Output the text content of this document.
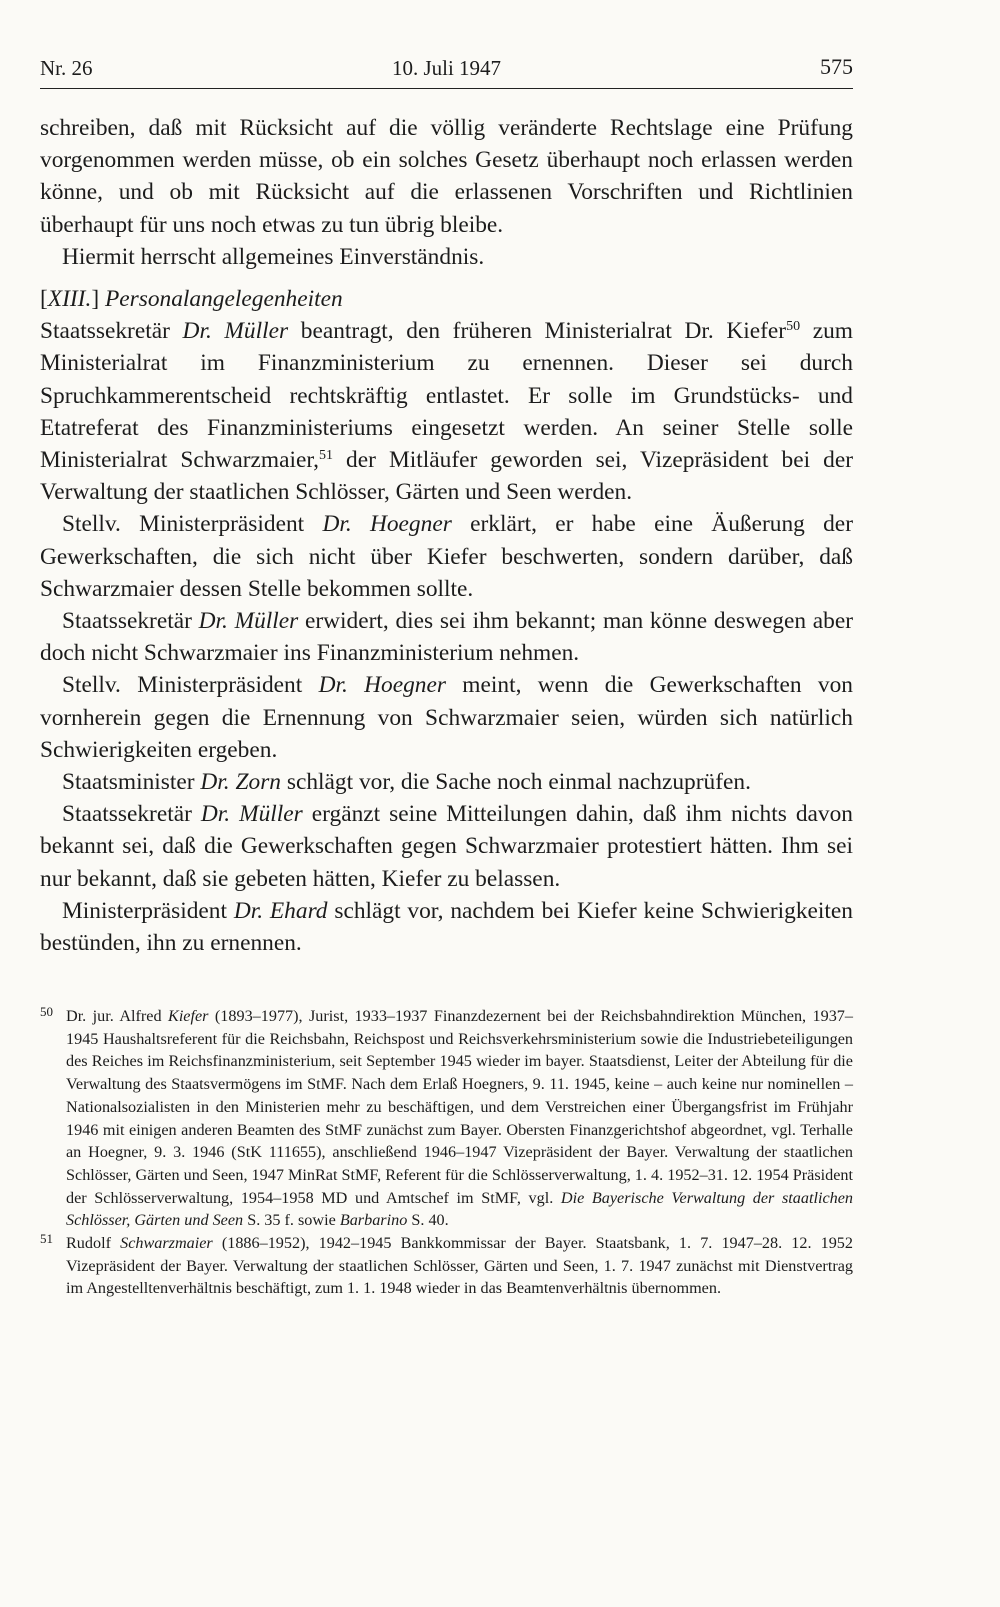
Nr. 26	10. Juli 1947	575

schreiben, daß mit Rücksicht auf die völlig veränderte Rechtslage eine Prüfung vorgenommen werden müsse, ob ein solches Gesetz überhaupt noch erlassen werden könne, und ob mit Rücksicht auf die erlassenen Vorschriften und Richtlinien überhaupt für uns noch etwas zu tun übrig bleibe.

Hiermit herrscht allgemeines Einverständnis.

[XIII.] Personalangelegenheiten

Staatssekretär Dr. Müller beantragt, den früheren Ministerialrat Dr. Kiefer$^{50}$ zum Ministerialrat im Finanzministerium zu ernennen. Dieser sei durch Spruchkammerentscheid rechtskräftig entlastet. Er solle im Grundstücks- und Etatreferat des Finanzministeriums eingesetzt werden. An seiner Stelle solle Ministerialrat Schwarzmaier,$^{51}$ der Mitläufer geworden sei, Vizepräsident bei der Verwaltung der staatlichen Schlösser, Gärten und Seen werden.

Stellv. Ministerpräsident Dr. Hoegner erklärt, er habe eine Äußerung der Gewerkschaften, die sich nicht über Kiefer beschwerten, sondern darüber, daß Schwarzmaier dessen Stelle bekommen sollte.

Staatssekretär Dr. Müller erwidert, dies sei ihm bekannt; man könne deswegen aber doch nicht Schwarzmaier ins Finanzministerium nehmen.

Stellv. Ministerpräsident Dr. Hoegner meint, wenn die Gewerkschaften von vornherein gegen die Ernennung von Schwarzmaier seien, würden sich natürlich Schwierigkeiten ergeben.

Staatsminister Dr. Zorn schlägt vor, die Sache noch einmal nachzuprüfen.

Staatssekretär Dr. Müller ergänzt seine Mitteilungen dahin, daß ihm nichts davon bekannt sei, daß die Gewerkschaften gegen Schwarzmaier protestiert hätten. Ihm sei nur bekannt, daß sie gebeten hätten, Kiefer zu belassen.

Ministerpräsident Dr. Ehard schlägt vor, nachdem bei Kiefer keine Schwierigkeiten bestünden, ihn zu ernennen.

50 Dr. jur. Alfred Kiefer (1893–1977), Jurist, 1933–1937 Finanzdezernent bei der Reichsbahndirektion München, 1937–1945 Haushaltsreferent für die Reichsbahn, Reichspost und Reichsverkehrsministerium sowie die Industriebeteiligungen des Reiches im Reichsfinanzministerium, seit September 1945 wieder im bayer. Staatsdienst, Leiter der Abteilung für die Verwaltung des Staatsvermögens im StMF. Nach dem Erlaß Hoegners, 9. 11. 1945, keine – auch keine nur nominellen – Nationalsozialisten in den Ministerien mehr zu beschäftigen, und dem Verstreichen einer Übergangsfrist im Frühjahr 1946 mit einigen anderen Beamten des StMF zunächst zum Bayer. Obersten Finanzgerichtshof abgeordnet, vgl. Terhalle an Hoegner, 9. 3. 1946 (StK 111655), anschließend 1946–1947 Vizepräsident der Bayer. Verwaltung der staatlichen Schlösser, Gärten und Seen, 1947 MinRat StMF, Referent für die Schlösserverwaltung, 1. 4. 1952–31. 12. 1954 Präsident der Schlösserverwaltung, 1954–1958 MD und Amtschef im StMF, vgl. Die Bayerische Verwaltung der staatlichen Schlösser, Gärten und Seen S. 35 f. sowie Barbarino S. 40.
51 Rudolf Schwarzmaier (1886–1952), 1942–1945 Bankkommissar der Bayer. Staatsbank, 1. 7. 1947–28. 12. 1952 Vizepräsident der Bayer. Verwaltung der staatlichen Schlösser, Gärten und Seen, 1. 7. 1947 zunächst mit Dienstvertrag im Angestelltenverhältnis beschäftigt, zum 1. 1. 1948 wieder in das Beamtenverhältnis übernommen.
